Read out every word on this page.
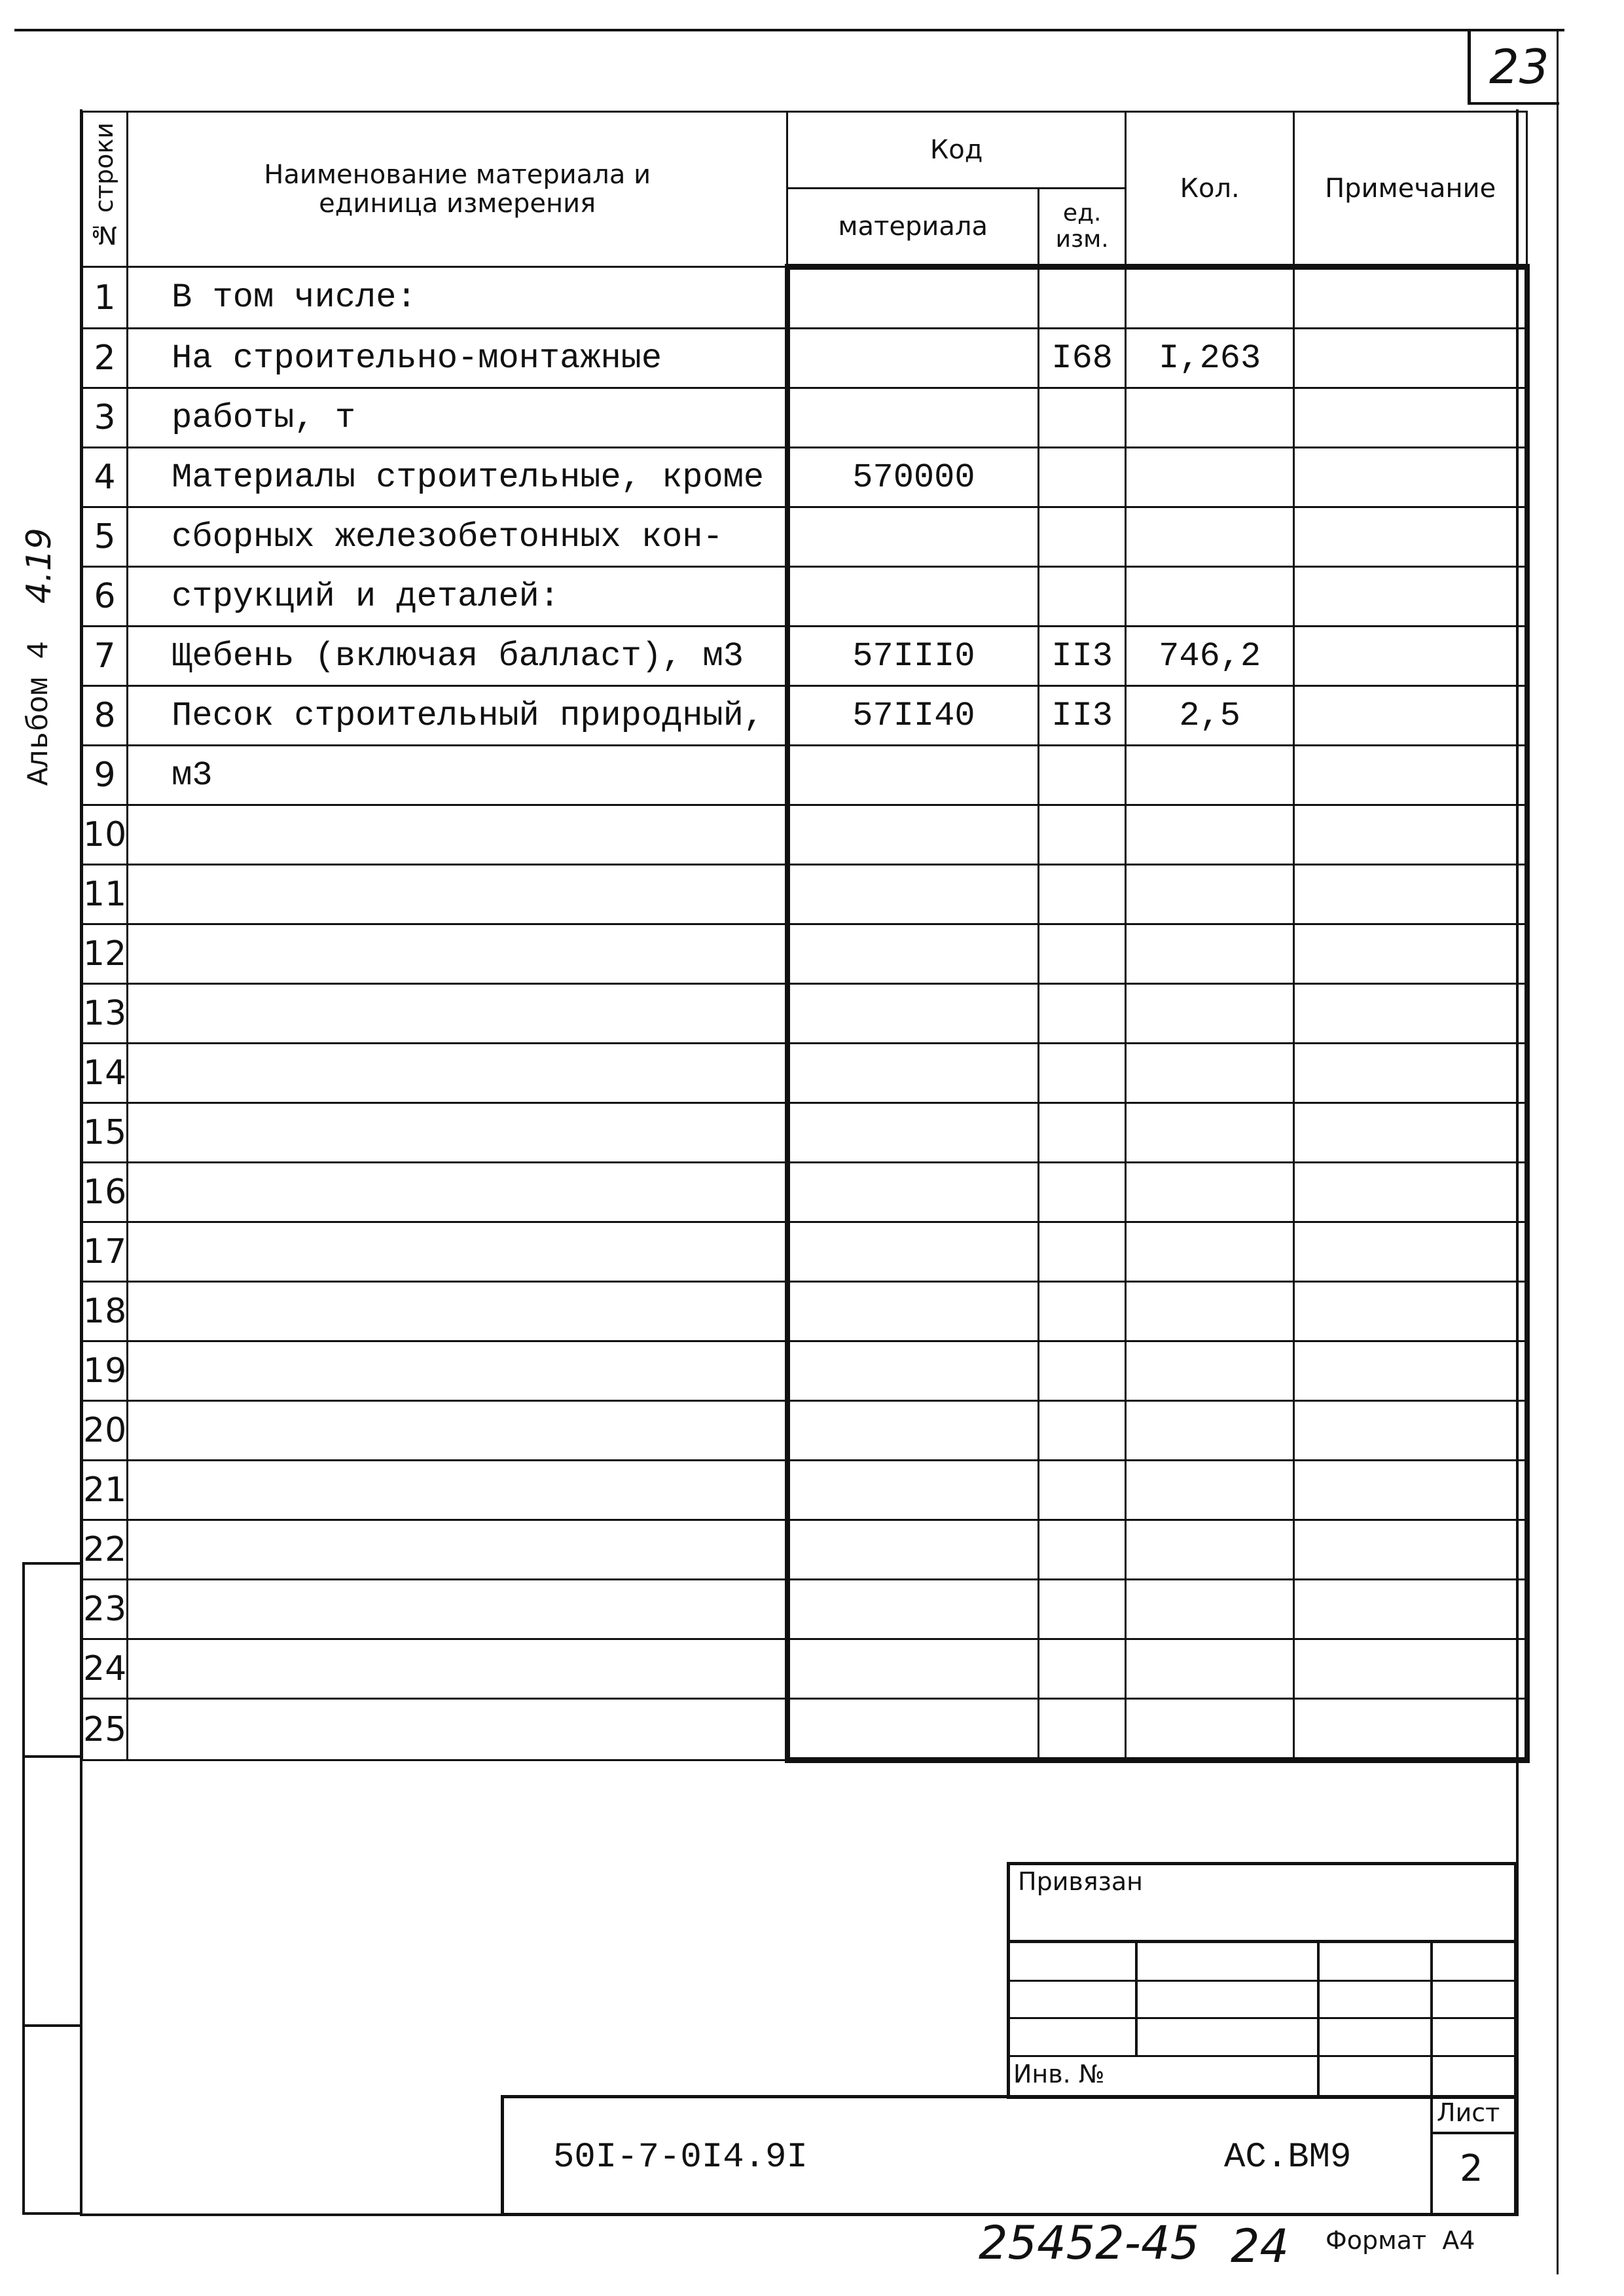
23
Альбом 4 4.19
№ строки	Наименование материала и единица измерения	Код		Кол.	Примечание
		материала	ед. изм.		
1	В том числе:				
2	На строительно-монтажные		I68	I,263	
3	работы, т				
4	Материалы строительные, кроме	570000			
5	сборных железобетонных кон-				
6	струкций и деталей:				
7	Щебень (включая балласт), м3	57III0	II3	746,2	
8	Песок строительный природный,	57II40	II3	2,5	
9	м3				
10					
11					
12					
13					
14					
15					
16					
17					
18					
19					
20					
21					
22					
23					
24					
25					
Привязан
Инв. №
50I-7-0I4.9I	АС.ВМ9
Лист
2
25452-45 24 Формат А4
